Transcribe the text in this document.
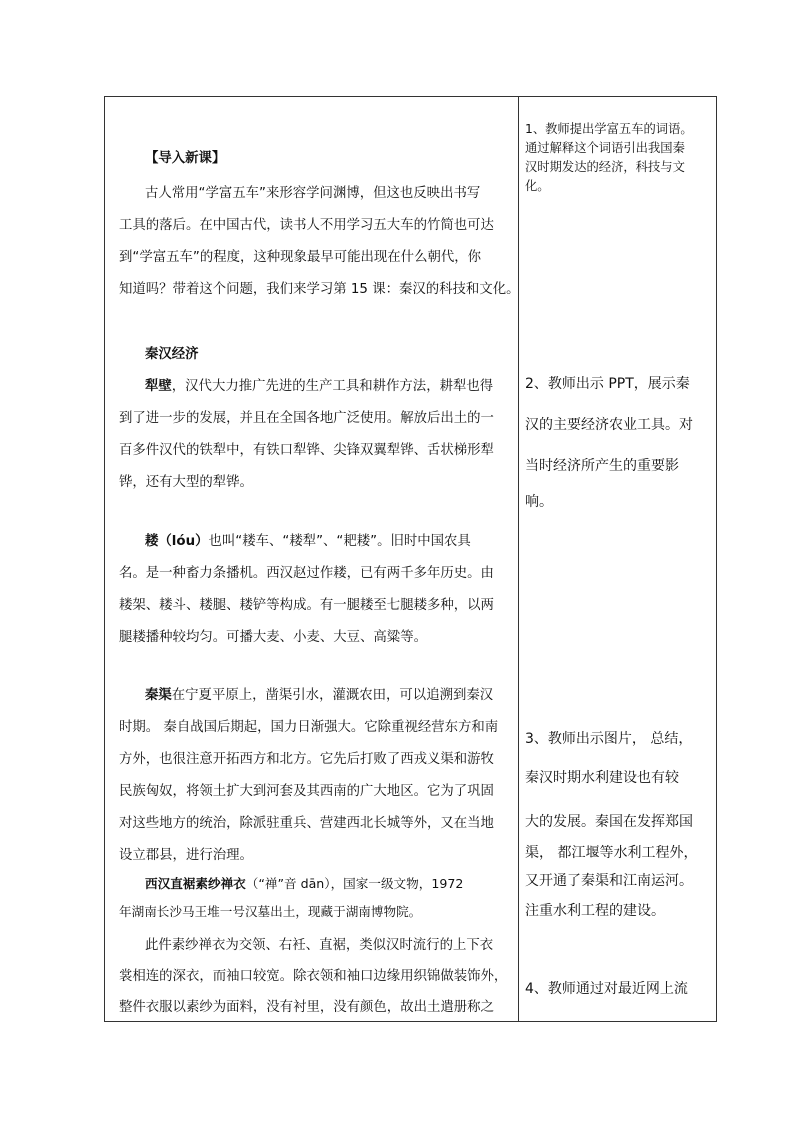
【导入新课】
古人常用“学富五车”来形容学问渊博，但这也反映出书写
工具的落后。在中国古代，读书人不用学习五大车的竹简也可达
到“学富五车”的程度，这种现象最早可能出现在什么朝代，你
知道吗？带着这个问题，我们来学习第 15 课：秦汉的科技和文化。
秦汉经济
犁壁，汉代大力推广先进的生产工具和耕作方法，耕犁也得
到了进一步的发展，并且在全国各地广泛使用。解放后出土的一
百多件汉代的铁犁中，有铁口犁铧、尖锋双翼犁铧、舌状梯形犁
铧，还有大型的犁铧。
耧（lóu）也叫“耧车、“耧犁”、“耙耧”。旧时中国农具
名。是一种畜力条播机。西汉赵过作耧，已有两千多年历史。由
耧架、耧斗、耧腿、耧铲等构成。有一腿耧至七腿耧多种，以两
腿耧播种较均匀。可播大麦、小麦、大豆、高粱等。
秦渠在宁夏平原上，凿渠引水，灌溉农田，可以追溯到秦汉
时期。 秦自战国后期起，国力日渐强大。它除重视经营东方和南
方外，也很注意开拓西方和北方。它先后打败了西戎义渠和游牧
民族匈奴，将领土扩大到河套及其西南的广大地区。它为了巩固
对这些地方的统治，除派驻重兵、营建西北长城等外，又在当地
设立郡县，进行治理。
西汉直裾素纱禅衣（“禅”音 dān），国家一级文物，1972
年湖南长沙马王堆一号汉墓出土，现藏于湖南博物院。
此件素纱禅衣为交领、右衽、直裾，类似汉时流行的上下衣
裳相连的深衣，而袖口较宽。除衣领和袖口边缘用织锦做装饰外，
整件衣服以素纱为面料，没有衬里，没有颜色，故出土遣册称之
1、教师提出学富五车的词语。
通过解释这个词语引出我国秦
汉时期发达的经济，科技与文
化。
2、教师出示 PPT，展示秦
汉的主要经济农业工具。对
当时经济所产生的重要影
响。
3、教师出示图片， 总结，
秦汉时期水利建设也有较
大的发展。秦国在发挥郑国
渠， 都江堰等水利工程外，
又开通了秦渠和江南运河。
注重水利工程的建设。
4、教师通过对最近网上流
